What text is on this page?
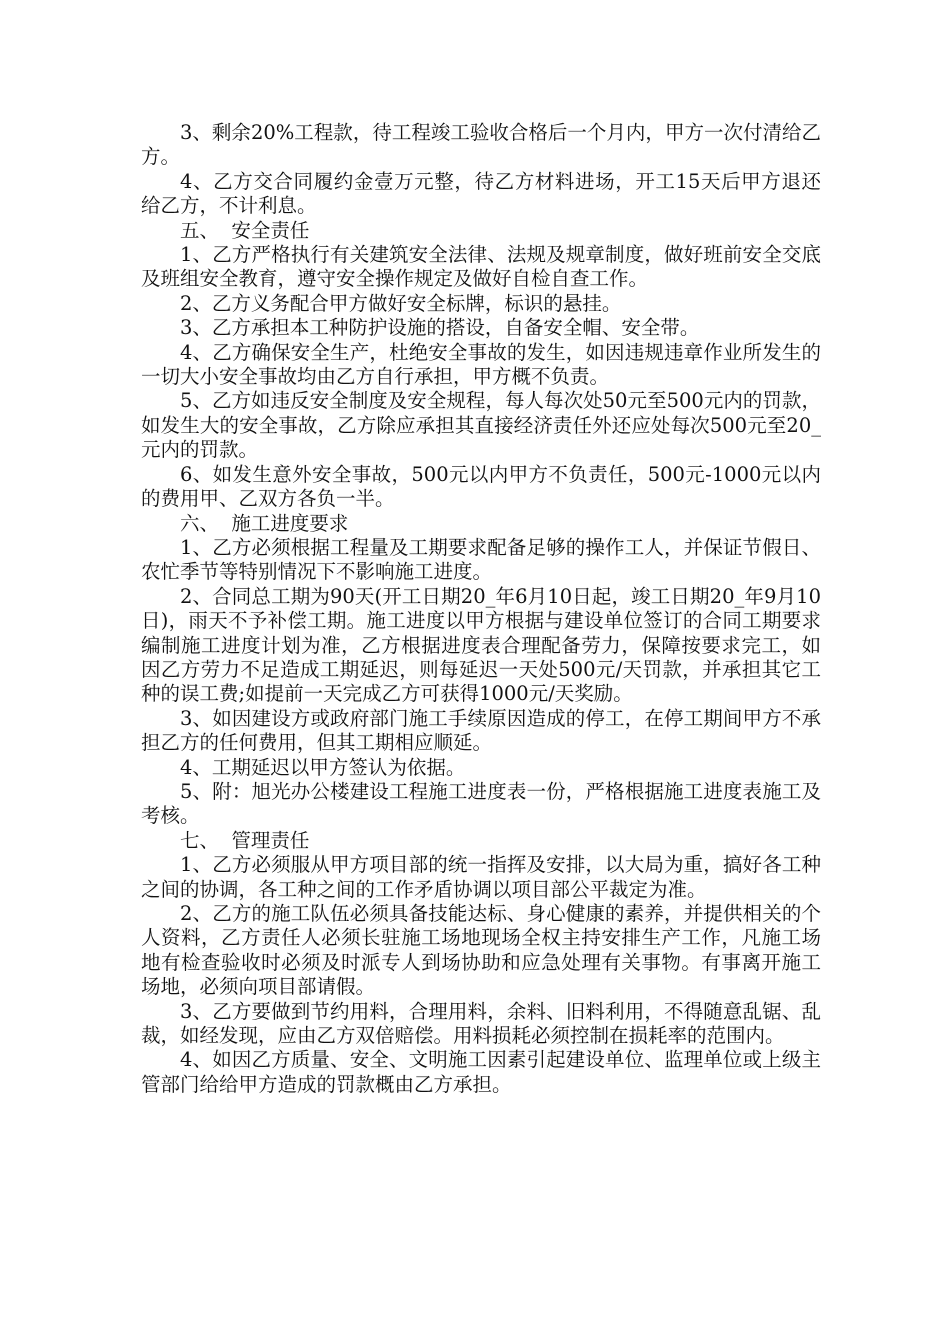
3、剩余20%工程款，待工程竣工验收合格后一个月内，甲方一次付清给乙方。

4、乙方交合同履约金壹万元整，待乙方材料进场，开工15天后甲方退还给乙方，不计利息。

五、  安全责任

1、乙方严格执行有关建筑安全法律、法规及规章制度，做好班前安全交底及班组安全教育，遵守安全操作规定及做好自检自查工作。

2、乙方义务配合甲方做好安全标牌，标识的悬挂。

3、乙方承担本工种防护设施的搭设，自备安全帽、安全带。

4、乙方确保安全生产，杜绝安全事故的发生，如因违规违章作业所发生的一切大小安全事故均由乙方自行承担，甲方概不负责。

5、乙方如违反安全制度及安全规程，每人每次处50元至500元内的罚款，如发生大的安全事故，乙方除应承担其直接经济责任外还应处每次500元至20_元内的罚款。

6、如发生意外安全事故，500元以内甲方不负责任，500元-1000元以内的费用甲、乙双方各负一半。

六、  施工进度要求

1、乙方必须根据工程量及工期要求配备足够的操作工人，并保证节假日、农忙季节等特别情况下不影响施工进度。

2、合同总工期为90天(开工日期20_年6月10日起，竣工日期20_年9月10日)，雨天不予补偿工期。施工进度以甲方根据与建设单位签订的合同工期要求编制施工进度计划为准，乙方根据进度表合理配备劳力，保障按要求完工，如因乙方劳力不足造成工期延迟，则每延迟一天处500元/天罚款，并承担其它工种的误工费;如提前一天完成乙方可获得1000元/天奖励。

3、如因建设方或政府部门施工手续原因造成的停工，在停工期间甲方不承担乙方的任何费用，但其工期相应顺延。

4、工期延迟以甲方签认为依据。

5、附：旭光办公楼建设工程施工进度表一份，严格根据施工进度表施工及考核。

七、  管理责任

1、乙方必须服从甲方项目部的统一指挥及安排，以大局为重，搞好各工种之间的协调，各工种之间的工作矛盾协调以项目部公平裁定为准。

2、乙方的施工队伍必须具备技能达标、身心健康的素养，并提供相关的个人资料，乙方责任人必须长驻施工场地现场全权主持安排生产工作，凡施工场地有检查验收时必须及时派专人到场协助和应急处理有关事物。有事离开施工场地，必须向项目部请假。

3、乙方要做到节约用料，合理用料，余料、旧料利用，不得随意乱锯、乱裁，如经发现，应由乙方双倍赔偿。用料损耗必须控制在损耗率的范围内。

4、如因乙方质量、安全、文明施工因素引起建设单位、监理单位或上级主管部门给给甲方造成的罚款概由乙方承担。
